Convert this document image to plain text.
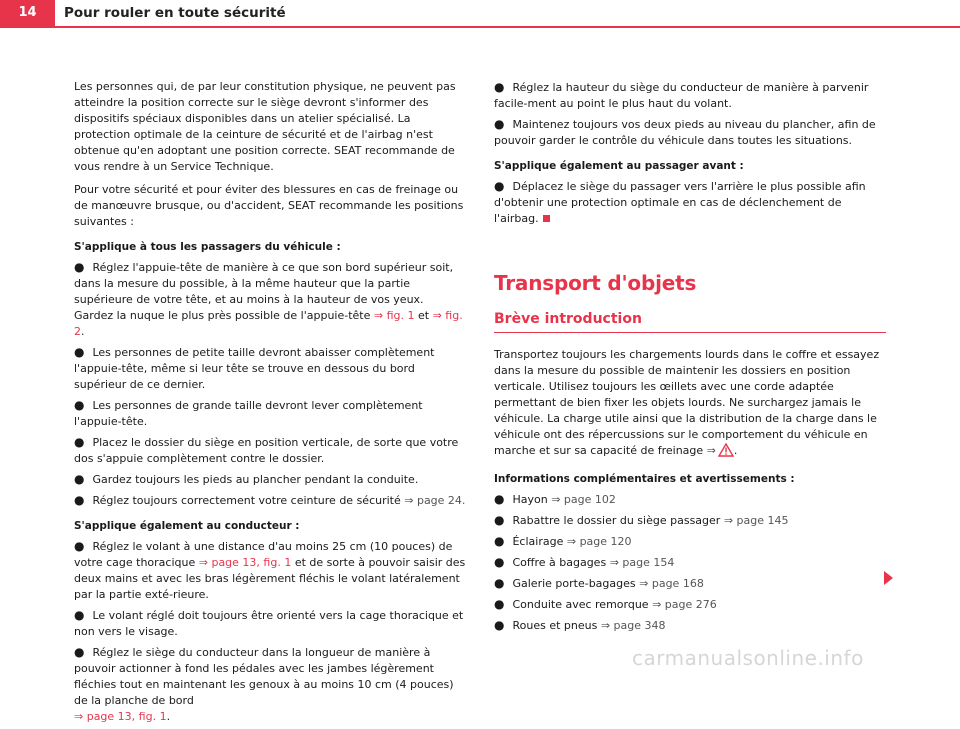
14	Pour rouler en toute sécurité

Les personnes qui, de par leur constitution physique, ne peuvent pas atteindre la position correcte sur le siège devront s'informer des dispositifs spéciaux disponibles dans un atelier spécialisé. La protection optimale de la ceinture de sécurité et de l'airbag n'est obtenue qu'en adoptant une position correcte. SEAT recommande de vous rendre à un Service Technique.

Pour votre sécurité et pour éviter des blessures en cas de freinage ou de manœuvre brusque, ou d'accident, SEAT recommande les positions suivantes :

S'applique à tous les passagers du véhicule :
● Réglez l'appuie-tête de manière à ce que son bord supérieur soit, dans la mesure du possible, à la même hauteur que la partie supérieure de votre tête, et au moins à la hauteur de vos yeux. Gardez la nuque le plus près possible de l'appuie-tête ⇒ fig. 1 et ⇒ fig. 2.
● Les personnes de petite taille devront abaisser complètement l'appuie-tête, même si leur tête se trouve en dessous du bord supérieur de ce dernier.
● Les personnes de grande taille devront lever complètement l'appuie-tête.
● Placez le dossier du siège en position verticale, de sorte que votre dos s'appuie complètement contre le dossier.
● Gardez toujours les pieds au plancher pendant la conduite.
● Réglez toujours correctement votre ceinture de sécurité ⇒ page 24.
S'applique également au conducteur :
● Réglez le volant à une distance d'au moins 25 cm (10 pouces) de votre cage thoracique ⇒ page 13, fig. 1 et de sorte à pouvoir saisir des deux mains et avec les bras légèrement fléchis le volant latéralement par la partie exté-rieure.
● Le volant réglé doit toujours être orienté vers la cage thoracique et non vers le visage.
● Réglez le siège du conducteur dans la longueur de manière à pouvoir actionner à fond les pédales avec les jambes légèrement fléchies tout en maintenant les genoux à au moins 10 cm (4 pouces) de la planche de bord
⇒ page 13, fig. 1.
● Réglez la hauteur du siège du conducteur de manière à parvenir facile-ment au point le plus haut du volant.
● Maintenez toujours vos deux pieds au niveau du plancher, afin de pouvoir garder le contrôle du véhicule dans toutes les situations.
S'applique également au passager avant :
● Déplacez le siège du passager vers l'arrière le plus possible afin d'obtenir une protection optimale en cas de déclenchement de l'airbag.
Transport d'objets
Brève introduction

Transportez toujours les chargements lourds dans le coffre et essayez dans la mesure du possible de maintenir les dossiers en position verticale. Utilisez toujours les œillets avec une corde adaptée permettant de bien fixer les objets lourds. Ne surchargez jamais le véhicule. La charge utile ainsi que la distribution de la charge dans le véhicule ont des répercussions sur le comportement du véhicule en marche et sur sa capacité de freinage ⇒ .

Informations complémentaires et avertissements :
● Hayon ⇒ page 102
● Rabattre le dossier du siège passager ⇒ page 145
● Éclairage ⇒ page 120
● Coffre à bagages ⇒ page 154
● Galerie porte-bagages ⇒ page 168
● Conduite avec remorque ⇒ page 276
● Roues et pneus ⇒ page 348
carmanualsonline.info
